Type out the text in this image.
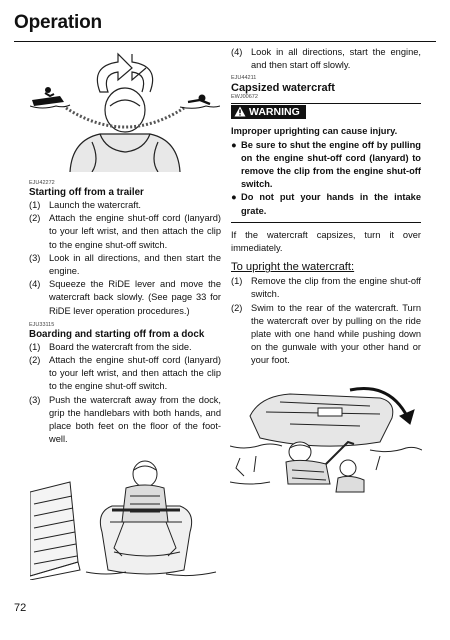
Operation
EJU42272
Starting off from a trailer
(1) Launch the watercraft.
(2) Attach the engine shut-off cord (lanyard) to your left wrist, and then attach the clip to the engine shut-off switch.
(3) Look in all directions, and then start the engine.
(4) Squeeze the RiDE lever and move the watercraft back slowly. (See page 33 for RiDE lever operation procedures.)
EJU33115
Boarding and starting off from a dock
(1) Board the watercraft from the side.
(2) Attach the engine shut-off cord (lanyard) to your left wrist, and then attach the clip to the engine shut-off switch.
(3) Push the watercraft away from the dock, grip the handlebars with both hands, and place both feet on the floor of the foot-well.
(4) Look in all directions, start the engine, and then start off slowly.
EJU44211
Capsized watercraft
EWJ00672
WARNING
Improper uprighting can cause injury.
● Be sure to shut the engine off by pulling on the engine shut-off cord (lanyard) to remove the clip from the engine shut-off switch.
● Do not put your hands in the intake grate.
If the watercraft capsizes, turn it over immediately.
To upright the watercraft:
(1) Remove the clip from the engine shut-off switch.
(2) Swim to the rear of the watercraft. Turn the watercraft over by pulling on the ride plate with one hand while pushing down on the gunwale with your other hand or your foot.
72
